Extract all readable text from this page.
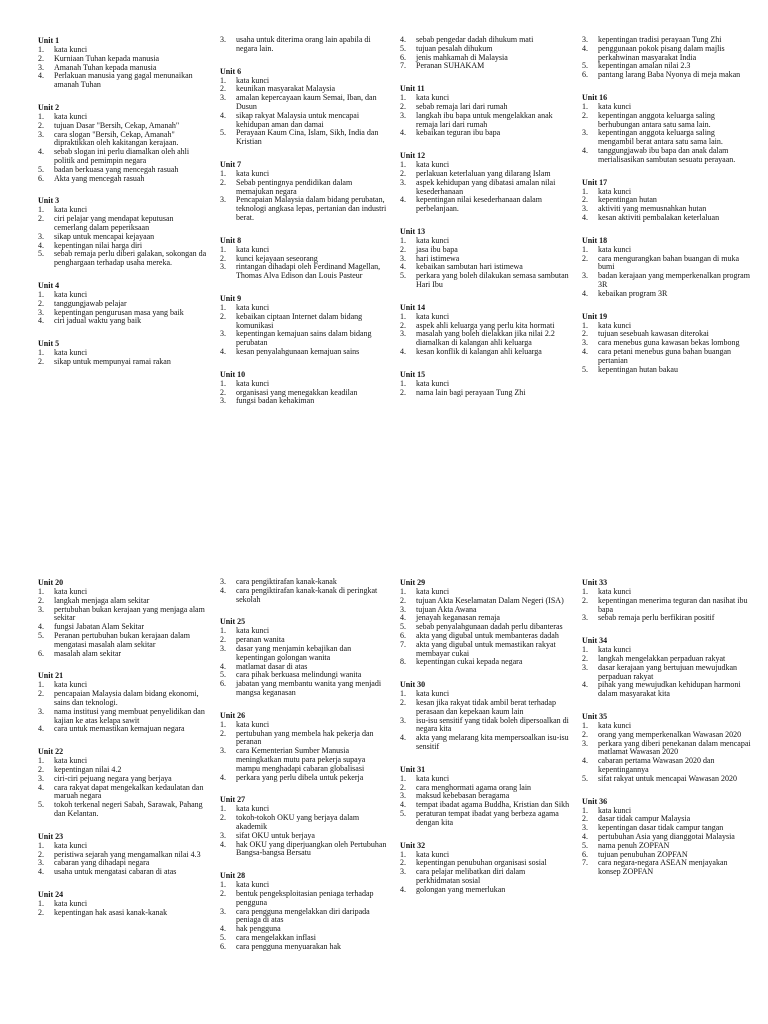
Unit 1
1.	kata kunci
2.	Kurniaan Tuhan kepada manusia
3.	Amanah Tuhan kepada manusia
4.	Perlakuan manusia yang gagal menunaikan amanah Tuhan
Unit 2
1.	kata kunci
2.	tujuan Dasar "Bersih, Cekap, Amanah"
3.	cara slogan "Bersih, Cekap, Amanah" dipraktikkan oleh kakitangan kerajaan.
4.	sebab slogan ini perlu diamalkan oleh ahli politik and pemimpin negara
5.	badan berkuasa yang mencegah rasuah
6.	Akta yang mencegah rasuah
Unit 3
1.	kata kunci
2.	ciri pelajar yang mendapat keputusan cemerlang dalam peperiksaan
3.	sikap untuk mencapai kejayaan
4.	kepentingan nilai harga diri
5.	sebab remaja perlu diberi galakan, sokongan da penghargaan terhadap usaha mereka.
Unit 4
1.	kata kunci
2.	tanggungjawab pelajar
3.	kepentingan pengurusan masa yang baik
4.	ciri jadual waktu yang baik
Unit 5
1.	kata kunci
2.	sikap untuk mempunyai ramai rakan
3.	usaha untuk diterima orang lain apabila di negara lain.
Unit 6
1.	kata kunci
2.	keunikan masyarakat Malaysia
3.	amalan kepercayaan kaum Semai, Iban, dan Dusun
4.	sikap rakyat Malaysia untuk mencapai kehidupan aman dan damai
5.	Perayaan Kaum Cina, Islam, Sikh, India dan Kristian
Unit 7
1.	kata kunci
2.	Sebab pentingnya pendidikan dalam memajukan negara
3.	Pencapaian Malaysia dalam bidang perubatan, teknologi angkasa lepas, pertanian dan industri berat.
Unit 8
1.	kata kunci
2.	kunci kejayaan seseorang
3.	rintangan dihadapi oleh Ferdinand Magellan, Thomas Alva Edison dan Louis Pasteur
Unit 9
1.	kata kunci
2.	kebaikan ciptaan Internet dalam bidang komunikasi
3.	kepentingan kemajuan sains dalam bidang perubatan
4.	kesan penyalahgunaan kemajuan sains
Unit 10
1.	kata kunci
2.	organisasi yang menegakkan keadilan
3.	fungsi badan kehakiman
4.	sebab pengedar dadah dihukum mati
5.	tujuan pesalah dihukum
6.	jenis mahkamah di Malaysia
7.	Peranan SUHAKAM
Unit 11
1.	kata kunci
2.	sebab remaja lari dari rumah
3.	langkah ibu bapa untuk mengelakkan anak remaja lari dari rumah
4.	kebaikan teguran ibu bapa
Unit 12
1.	kata kunci
2.	perlakuan keterlaluan yang dilarang Islam
3.	aspek kehidupan yang dibatasi amalan nilai kesederhanaan
4.	kepentingan nilai kesederhanaan dalam perbelanjaan.
Unit 13
1.	kata kunci
2.	jasa ibu bapa
3.	hari istimewa
4.	kebaikan sambutan hari istimewa
5.	perkara yang boleh dilakukan semasa sambutan Hari Ibu
Unit 14
1.	kata kunci
2.	aspek ahli keluarga yang perlu kita hormati
3.	masalah yang boleh dielakkan jika nilai 2.2 diamalkan di kalangan ahli keluarga
4.	kesan konflik di kalangan ahli keluarga
Unit 15
1.	kata kunci
2.	nama lain bagi perayaan Tung Zhi
3.	kepentingan tradisi perayaan Tung Zhi
4.	penggunaan pokok pisang dalam majlis perkahwinan masyarakat India
5.	kepentingan amalan nilai 2.3
6.	pantang larang Baba Nyonya di meja makan
Unit 16
1.	kata kunci
2.	kepentingan anggota keluarga saling berhubungan antara satu sama lain.
3.	kepentingan anggota keluarga saling mengambil berat antara satu sama lain.
4.	tanggungjawab ibu bapa dan anak dalam merialisasikan sambutan sesuatu perayaan.
Unit 17
1.	kata kunci
2.	kepentingan hutan
3.	aktiviti yang memusnahkan hutan
4.	kesan aktiviti pembalakan keterlaluan
Unit 18
1.	kata kunci
2.	cara mengurangkan bahan buangan di muka bumi
3.	badan kerajaan yang memperkenalkan program 3R
4.	kebaikan program 3R
Unit 19
1.	kata kunci
2.	tujuan sesebuah kawasan diterokai
3.	cara menebus guna kawasan bekas lombong
4.	cara petani menebus guna bahan buangan pertanian
5.	kepentingan hutan bakau
Unit 20
1.	kata kunci
2.	langkah menjaga alam sekitar
3.	pertubuhan bukan kerajaan yang menjaga alam sekitar
4.	fungsi Jabatan Alam Sekitar
5.	Peranan pertubuhan bukan kerajaan dalam mengatasi masalah alam sekitar
6.	masalah alam sekitar
Unit 21
1.	kata kunci
2.	pencapaian Malaysia dalam bidang ekonomi, sains dan teknologi.
3.	nama institusi yang membuat penyelidikan dan kajian ke atas kelapa sawit
4.	cara untuk memastikan kemajuan negara
Unit 22
1.	kata kunci
2.	kepentingan nilai 4.2
3.	ciri-ciri pejuang negara yang berjaya
4.	cara rakyat dapat mengekalkan kedaulatan dan maruah negara
5.	tokoh terkenal negeri Sabah, Sarawak, Pahang dan Kelantan.
Unit 23
1.	kata kunci
2.	peristiwa sejarah yang mengamalkan nilai 4.3
3.	cabaran yang dihadapi negara
4.	usaha untuk mengatasi cabaran di atas
Unit 24
1.	kata kunci
2.	kepentingan hak asasi kanak-kanak
3.	cara pengiktirafan kanak-kanak
4.	cara pengiktirafan kanak-kanak di peringkat sekolah
Unit 25
1.	kata kunci
2.	peranan wanita
3.	dasar yang menjamin kebajikan dan kepentingan golongan wanita
4.	matlamat dasar di atas
5.	cara pihak berkuasa melindungi wanita
6.	jabatan yang membantu wanita yang menjadi mangsa keganasan
Unit 26
1.	kata kunci
2.	pertubuhan yang membela hak pekerja dan peranan
3.	cara Kementerian Sumber Manusia meningkatkan mutu para pekerja supaya mampu menghadapi cabaran globalisasi
4.	perkara yang perlu dibela untuk pekerja
Unit 27
1.	kata kunci
2.	tokoh-tokoh OKU yang berjaya dalam akademik
3.	sifat OKU untuk berjaya
4.	hak OKU yang diperjuangkan oleh Pertubuhan Bangsa-bangsa Bersatu
Unit 28
1.	kata kunci
2.	bentuk pengeksploitasian peniaga terhadap pengguna
3.	cara pengguna mengelakkan diri daripada peniaga di atas
4.	hak pengguna
5.	cara mengelakkan inflasi
6.	cara pengguna menyuarakan hak
Unit 29
1.	kata kunci
2.	tujuan Akta Keselamatan Dalam Negeri (ISA)
3.	tujuan Akta Awana
4.	jenayah keganasan remaja
5.	sebab penyalahgunaan dadah perlu dibanteras
6.	akta yang digubal untuk membanteras dadah
7.	akta yang digubal untuk memastikan rakyat membayar cukai
8.	kepentingan cukai kepada negara
Unit 30
1.	kata kunci
2.	kesan jika rakyat tidak ambil berat terhadap perasaan dan kepekaan kaum lain
3.	isu-isu sensitif yang tidak boleh dipersoalkan di negara kita
4.	akta yang melarang kita mempersoalkan isu-isu sensitif
Unit 31
1.	kata kunci
2.	cara menghormati agama orang lain
3.	maksud kebebasan beragama
4.	tempat ibadat agama Buddha, Kristian dan Sikh
5.	peraturan tempat ibadat yang berbeza agama dengan kita
Unit 32
1.	kata kunci
2.	kepentingan penubuhan organisasi sosial
3.	cara pelajar melibatkan diri dalam perkhidmatan sosial
4.	golongan yang memerlukan
Unit 33
1.	kata kunci
2.	kepentingan menerima teguran dan nasihat ibu bapa
3.	sebab remaja perlu berfikiran positif
Unit 34
1.	kata kunci
2.	langkah mengelakkan perpaduan rakyat
3.	dasar kerajaan yang bertujuan mewujudkan perpaduan rakyat
4.	pihak yang mewujudkan kehidupan harmoni dalam masyarakat kita
Unit 35
1.	kata kunci
2.	orang yang memperkenalkan Wawasan 2020
3.	perkara yang diberi penekanan dalam mencapai matlamat Wawasan 2020
4.	cabaran pertama Wawasan 2020 dan kepentingannya
5.	sifat rakyat untuk mencapai Wawasan 2020
Unit 36
1.	kata kunci
2.	dasar tidak campur Malaysia
3.	kepentingan dasar tidak campur tangan
4.	pertubuhan Asia yang dianggotai Malaysia
5.	nama penuh ZOPFAN
6.	tujuan penubuhan ZOPFAN
7.	cara negara-negara ASEAN menjayakan konsep ZOPFAN
